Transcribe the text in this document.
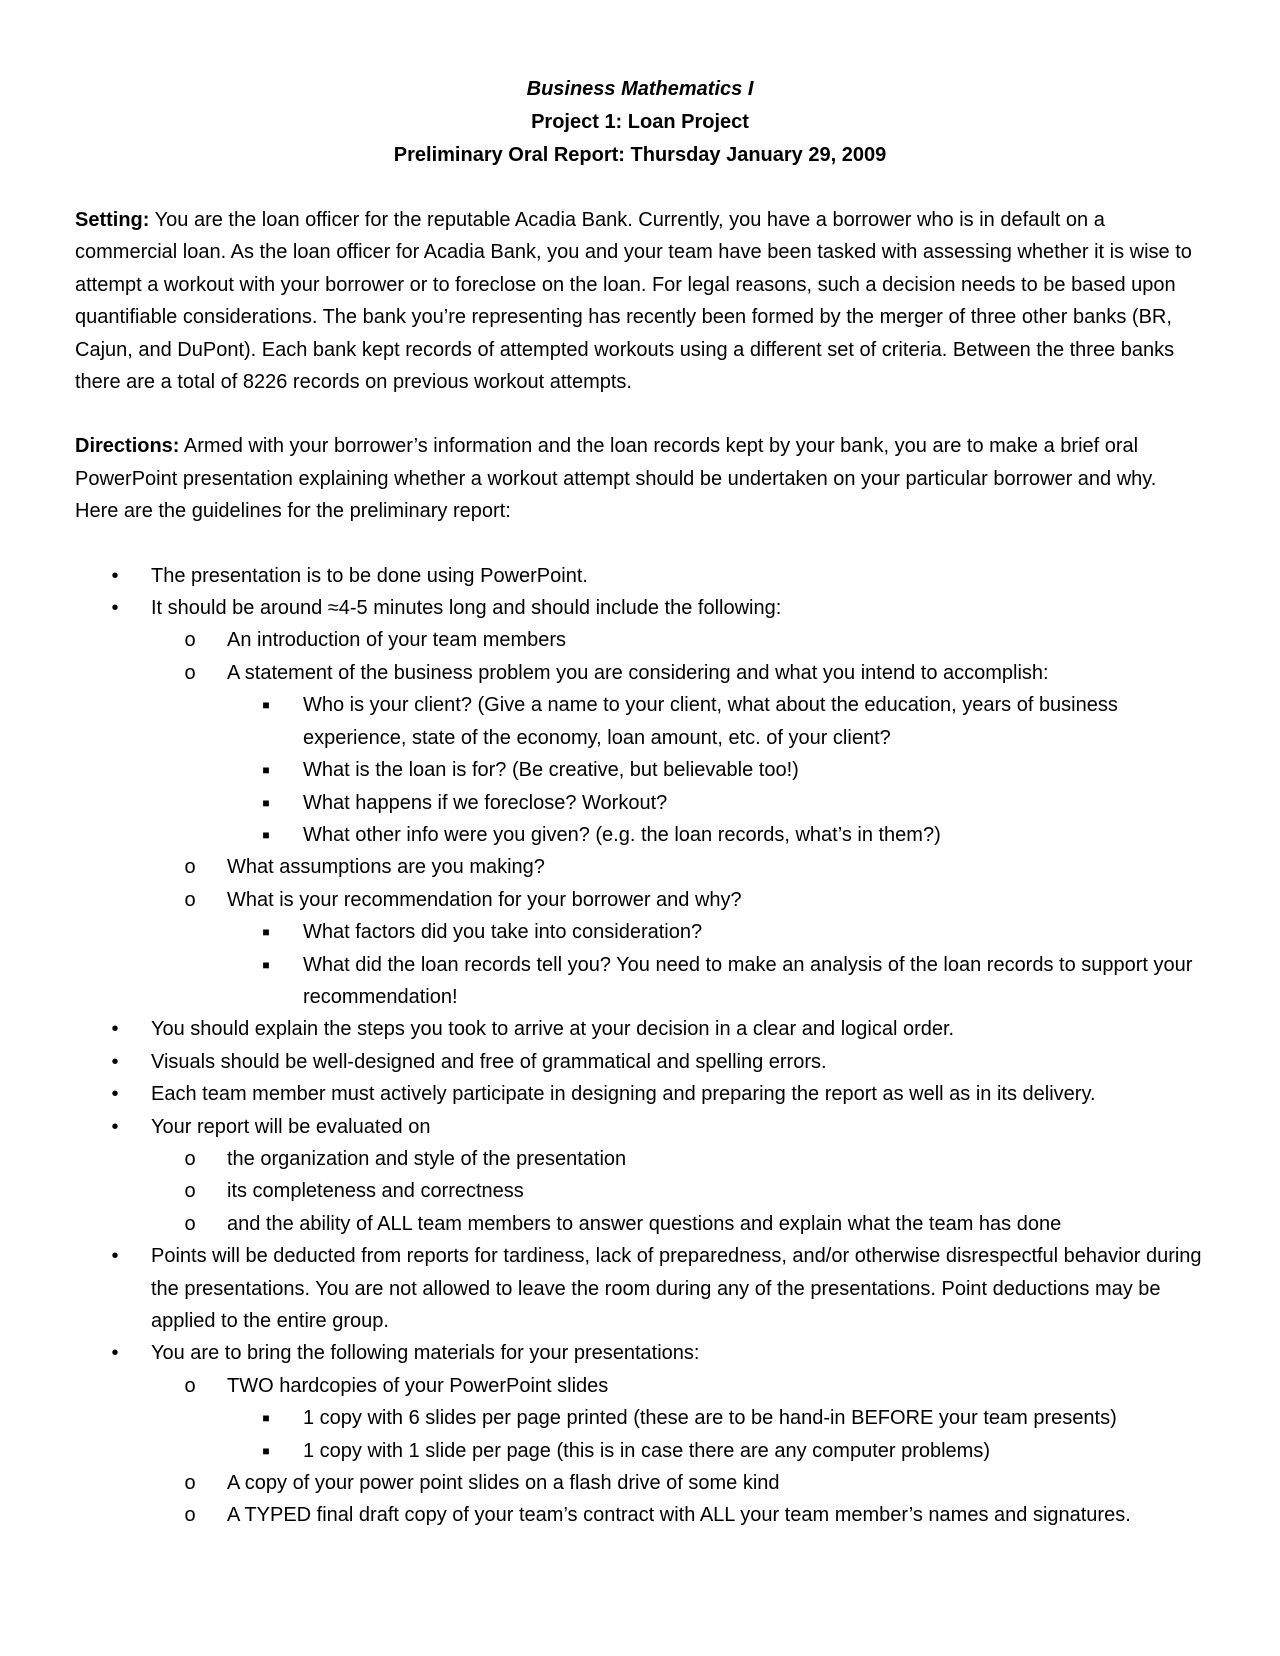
Business Mathematics I
Project 1: Loan Project
Preliminary Oral Report: Thursday January 29, 2009

Setting: You are the loan officer for the reputable Acadia Bank. Currently, you have a borrower who is in default on a commercial loan. As the loan officer for Acadia Bank, you and your team have been tasked with assessing whether it is wise to attempt a workout with your borrower or to foreclose on the loan. For legal reasons, such a decision needs to be based upon quantifiable considerations. The bank you’re representing has recently been formed by the merger of three other banks (BR, Cajun, and DuPont). Each bank kept records of attempted workouts using a different set of criteria. Between the three banks there are a total of 8226 records on previous workout attempts.

Directions: Armed with your borrower’s information and the loan records kept by your bank, you are to make a brief oral PowerPoint presentation explaining whether a workout attempt should be undertaken on your particular borrower and why. Here are the guidelines for the preliminary report:

•	The presentation is to be done using PowerPoint.
•	It should be around ≈4-5 minutes long and should include the following:
o An introduction of your team members
o A statement of the business problem you are considering and what you intend to accomplish:
■	Who is your client? (Give a name to your client, what about the education, years of business experience, state of the economy, loan amount, etc. of your client?
■	What is the loan is for? (Be creative, but believable too!)
■	What happens if we foreclose? Workout?
■	What other info were you given? (e.g. the loan records, what’s in them?)
o What assumptions are you making?
o What is your recommendation for your borrower and why?
■	What factors did you take into consideration?
■	What did the loan records tell you? You need to make an analysis of the loan records to support your recommendation!
•	You should explain the steps you took to arrive at your decision in a clear and logical order.
•	Visuals should be well-designed and free of grammatical and spelling errors.
•	Each team member must actively participate in designing and preparing the report as well as in its delivery.
•	Your report will be evaluated on
o the organization and style of the presentation
o its completeness and correctness
o and the ability of ALL team members to answer questions and explain what the team has done
•	Points will be deducted from reports for tardiness, lack of preparedness, and/or otherwise disrespectful behavior during the presentations. You are not allowed to leave the room during any of the presentations. Point deductions may be applied to the entire group.
•	You are to bring the following materials for your presentations:
o TWO hardcopies of your PowerPoint slides
■	1 copy with 6 slides per page printed (these are to be hand-in BEFORE your team presents)
■	1 copy with 1 slide per page (this is in case there are any computer problems)
o A copy of your power point slides on a flash drive of some kind
o A TYPED final draft copy of your team’s contract with ALL your team member’s names and signatures.
